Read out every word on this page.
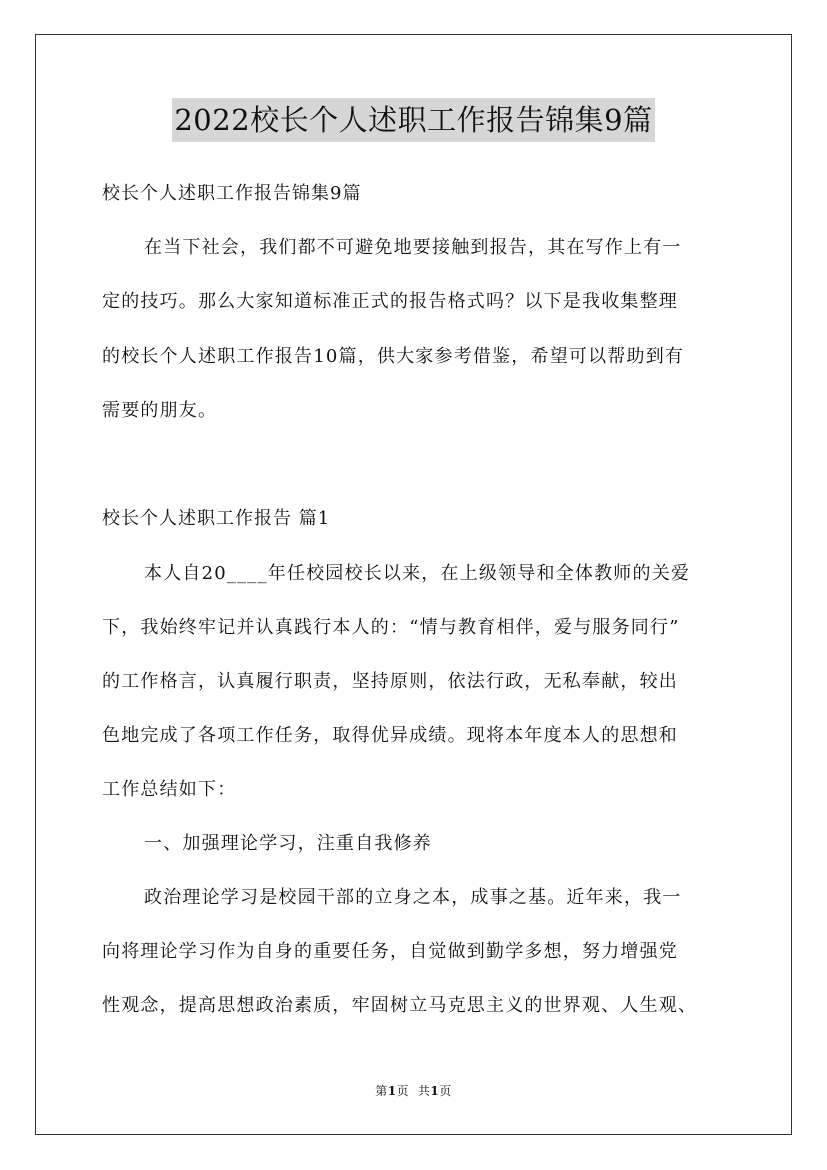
2022校长个人述职工作报告锦集9篇

校长个人述职工作报告锦集9篇

在当下社会，我们都不可避免地要接触到报告，其在写作上有一

定的技巧。那么大家知道标准正式的报告格式吗？以下是我收集整理

的校长个人述职工作报告10篇，供大家参考借鉴，希望可以帮助到有

需要的朋友。

校长个人述职工作报告 篇1

本人自20____年任校园校长以来，在上级领导和全体教师的关爱

下，我始终牢记并认真践行本人的：“情与教育相伴，爱与服务同行”

的工作格言，认真履行职责，坚持原则，依法行政，无私奉献，较出

色地完成了各项工作任务，取得优异成绩。现将本年度本人的思想和

工作总结如下：

一、加强理论学习，注重自我修养

政治理论学习是校园干部的立身之本，成事之基。近年来，我一

向将理论学习作为自身的重要任务，自觉做到勤学多想，努力增强党

性观念，提高思想政治素质，牢固树立马克思主义的世界观、人生观、

第1页 共1页
